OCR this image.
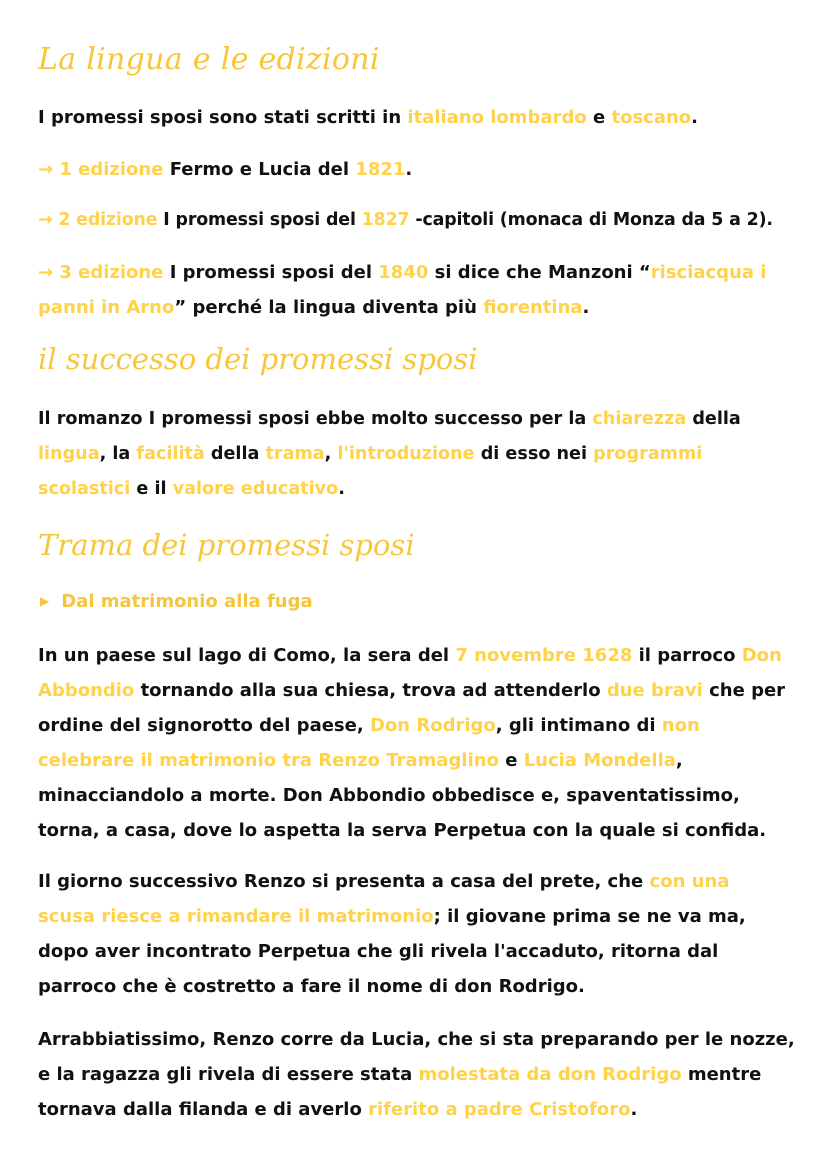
La lingua e le edizioni
I promessi sposi sono stati scritti in italiano lombardo e toscano.
→ 1 edizione Fermo e Lucia del 1821.
→ 2 edizione I promessi sposi del 1827 -capitoli (monaca di Monza da 5 a 2).
→ 3 edizione I promessi sposi del 1840 si dice che Manzoni “risciacqua i panni in Arno” perché la lingua diventa più fiorentina.
il successo dei promessi sposi
Il romanzo I promessi sposi ebbe molto successo per la chiarezza della lingua, la facilità della trama, l'introduzione di esso nei programmi scolastici e il valore educativo.
Trama dei promessi sposi
▶ Dal matrimonio alla fuga
In un paese sul lago di Como, la sera del 7 novembre 1628 il parroco Don Abbondio tornando alla sua chiesa, trova ad attenderlo due bravi che per ordine del signorotto del paese, Don Rodrigo, gli intimano di non celebrare il matrimonio tra Renzo Tramaglino e Lucia Mondella, minacciandolo a morte. Don Abbondio obbedisce e, spaventatissimo, torna, a casa, dove lo aspetta la serva Perpetua con la quale si confida.
Il giorno successivo Renzo si presenta a casa del prete, che con una scusa riesce a rimandare il matrimonio; il giovane prima se ne va ma, dopo aver incontrato Perpetua che gli rivela l'accaduto, ritorna dal parroco che è costretto a fare il nome di don Rodrigo.
Arrabbiatissimo, Renzo corre da Lucia, che si sta preparando per le nozze, e la ragazza gli rivela di essere stata molestata da don Rodrigo mentre tornava dalla filanda e di averlo riferito a padre Cristoforo.
